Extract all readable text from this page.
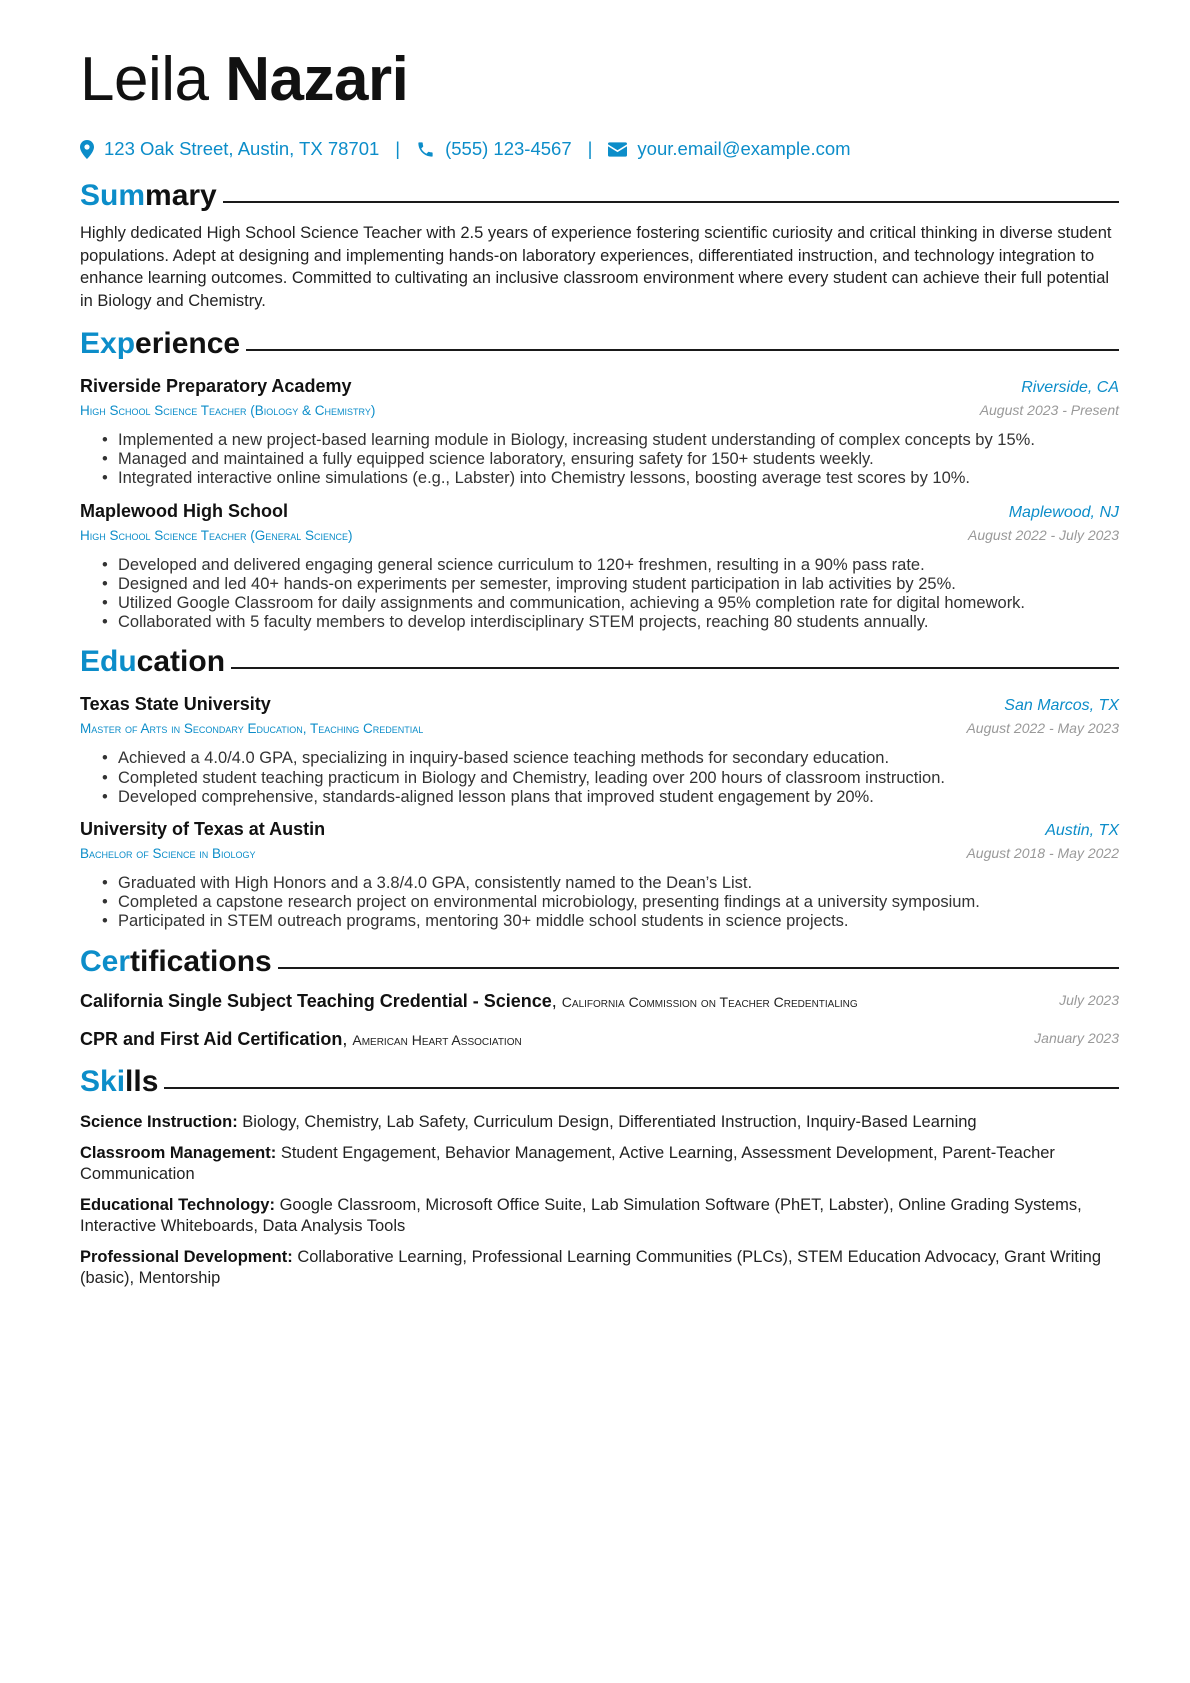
Leila Nazari
123 Oak Street, Austin, TX 78701 | (555) 123-4567 | your.email@example.com
Sum mary

Highly dedicated High School Science Teacher with 2.5 years of experience fostering scientific curiosity and critical thinking in diverse student populations. Adept at designing and implementing hands-on laboratory experiences, differentiated instruction, and technology integration to enhance learning outcomes. Committed to cultivating an inclusive classroom environment where every student can achieve their full potential in Biology and Chemistry.

Exp erience
Riverside Preparatory Academy	Riverside, CA
High School Science Teacher (Biology & Chemistry)	August 2023 - Present
• Implemented a new project-based learning module in Biology, increasing student understanding of complex concepts by 15%.
• Managed and maintained a fully equipped science laboratory, ensuring safety for 150+ students weekly.
• Integrated interactive online simulations (e.g., Labster) into Chemistry lessons, boosting average test scores by 10%.
Maplewood High School	Maplewood, NJ
High School Science Teacher (General Science)	August 2022 - July 2023
• Developed and delivered engaging general science curriculum to 120+ freshmen, resulting in a 90% pass rate.
• Designed and led 40+ hands-on experiments per semester, improving student participation in lab activities by 25%.
• Utilized Google Classroom for daily assignments and communication, achieving a 95% completion rate for digital homework.
• Collaborated with 5 faculty members to develop interdisciplinary STEM projects, reaching 80 students annually.
Edu cation
Texas State University	San Marcos, TX
Master of Arts in Secondary Education, Teaching Credential	August 2022 - May 2023
• Achieved a 4.0/4.0 GPA, specializing in inquiry-based science teaching methods for secondary education.
• Completed student teaching practicum in Biology and Chemistry, leading over 200 hours of classroom instruction.
• Developed comprehensive, standards-aligned lesson plans that improved student engagement by 20%.
University of Texas at Austin	Austin, TX
Bachelor of Science in Biology	August 2018 - May 2022
• Graduated with High Honors and a 3.8/4.0 GPA, consistently named to the Dean’s List.
• Completed a capstone research project on environmental microbiology, presenting findings at a university symposium.
• Participated in STEM outreach programs, mentoring 30+ middle school students in science projects.
Cer tifications
California Single Subject Teaching Credential - Science, California Commission on Teacher Credentialing	July 2023
CPR and First Aid Certification, American Heart Association	January 2023
Ski lls
Science Instruction: Biology, Chemistry, Lab Safety, Curriculum Design, Differentiated Instruction, Inquiry-Based Learning
Classroom Management: Student Engagement, Behavior Management, Active Learning, Assessment Development, Parent-Teacher Communication
Educational Technology: Google Classroom, Microsoft Office Suite, Lab Simulation Software (PhET, Labster), Online Grading Systems, Interactive Whiteboards, Data Analysis Tools
Professional Development: Collaborative Learning, Professional Learning Communities (PLCs), STEM Education Advocacy, Grant Writing (basic), Mentorship
